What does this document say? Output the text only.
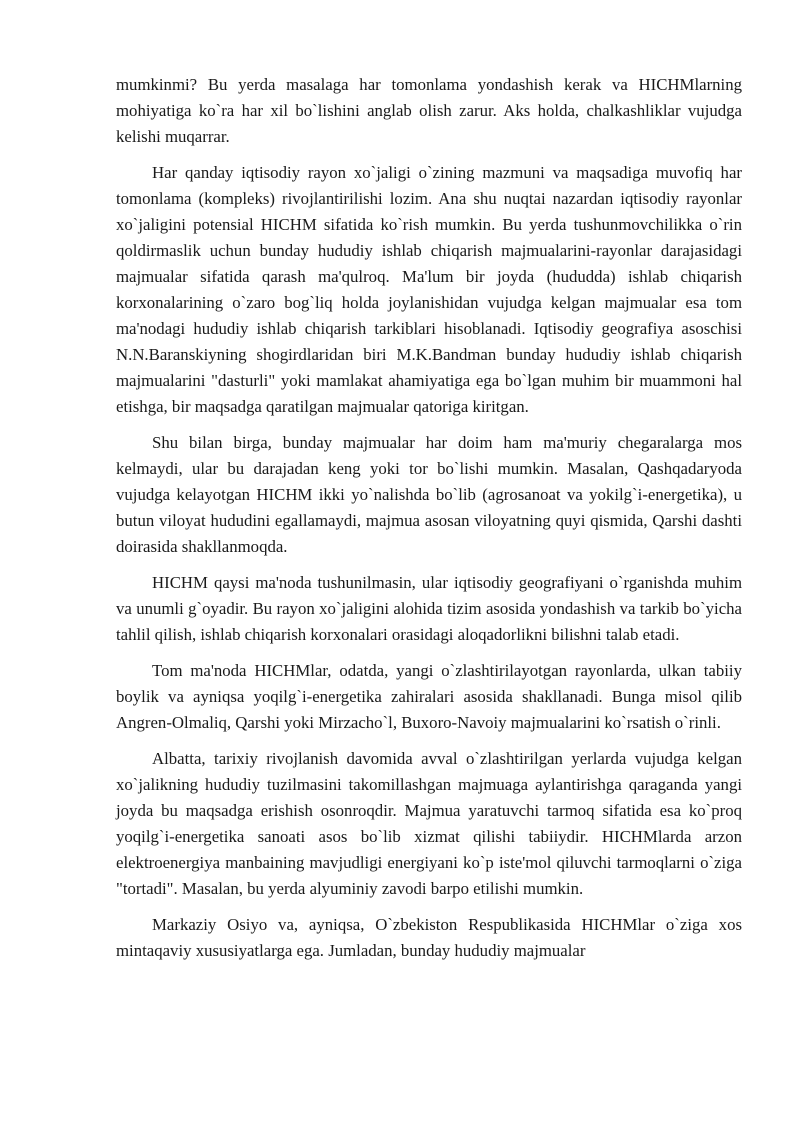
mumkinmi? Bu yerda masalaga har tomonlama yondashish kerak va HICHMlarning mohiyatiga ko`ra har xil bo`lishini anglab olish zarur. Aks holda, chalkashliklar vujudga kelishi muqarrar.

Har qanday iqtisodiy rayon xo`jaligi o`zining mazmuni va maqsadiga muvofiq har tomonlama (kompleks) rivojlantirilishi lozim. Ana shu nuqtai nazardan iqtisodiy rayonlar xo`jaligini potensial HICHM sifatida ko`rish mumkin. Bu yerda tushunmovchilikka o`rin qoldirmaslik uchun bunday hududiy ishlab chiqarish majmualarini-rayonlar darajasidagi majmualar sifatida qarash ma'qulroq. Ma'lum bir joyda (hududda) ishlab chiqarish korxonalarining o`zaro bog`liq holda joylanishidan vujudga kelgan majmualar esa tom ma'nodagi hududiy ishlab chiqarish tarkiblari hisoblanadi. Iqtisodiy geografiya asoschisi N.N.Baranskiyning shogirdlaridan biri M.K.Bandman bunday hududiy ishlab chiqarish majmualarini "dasturli" yoki mamlakat ahamiyatiga ega bo`lgan muhim bir muammoni hal etishga, bir maqsadga qaratilgan majmualar qatoriga kiritgan.

Shu bilan birga, bunday majmualar har doim ham ma'muriy chegaralarga mos kelmaydi, ular bu darajadan keng yoki tor bo`lishi mumkin. Masalan, Qashqadaryoda vujudga kelayotgan HICHM ikki yo`nalishda bo`lib (agrosanoat va yokilg`i-energetika), u butun viloyat hududini egallamaydi, majmua asosan viloyatning quyi qismida, Qarshi dashti doirasida shakllanmoqda.

HICHM qaysi ma'noda tushunilmasin, ular iqtisodiy geografiyani o`rganishda muhim va unumli g`oyadir. Bu rayon xo`jaligini alohida tizim asosida yondashish va tarkib bo`yicha tahlil qilish, ishlab chiqarish korxonalari orasidagi aloqadorlikni bilishni talab etadi.

Tom ma'noda HICHMlar, odatda, yangi o`zlashtirilayotgan rayonlarda, ulkan tabiiy boylik va ayniqsa yoqilg`i-energetika zahiralari asosida shakllanadi. Bunga misol qilib Angren-Olmaliq, Qarshi yoki Mirzacho`l, Buxoro-Navoiy majmualarini ko`rsatish o`rinli.

Albatta, tarixiy rivojlanish davomida avval o`zlashtirilgan yerlarda vujudga kelgan xo`jalikning hududiy tuzilmasini takomillashgan majmuaga aylantirishga qaraganda yangi joyda bu maqsadga erishish osonroqdir. Majmua yaratuvchi tarmoq sifatida esa ko`proq yoqilg`i-energetika sanoati asos bo`lib xizmat qilishi tabiiydir. HICHMlarda arzon elektroenergiya manbaining mavjudligi energiyani ko`p iste'mol qiluvchi tarmoqlarni o`ziga "tortadi". Masalan, bu yerda alyuminiy zavodi barpo etilishi mumkin.

Markaziy Osiyo va, ayniqsa, O`zbekiston Respublikasida HICHMlar o`ziga xos mintaqaviy xususiyatlarga ega. Jumladan, bunday hududiy majmualar
